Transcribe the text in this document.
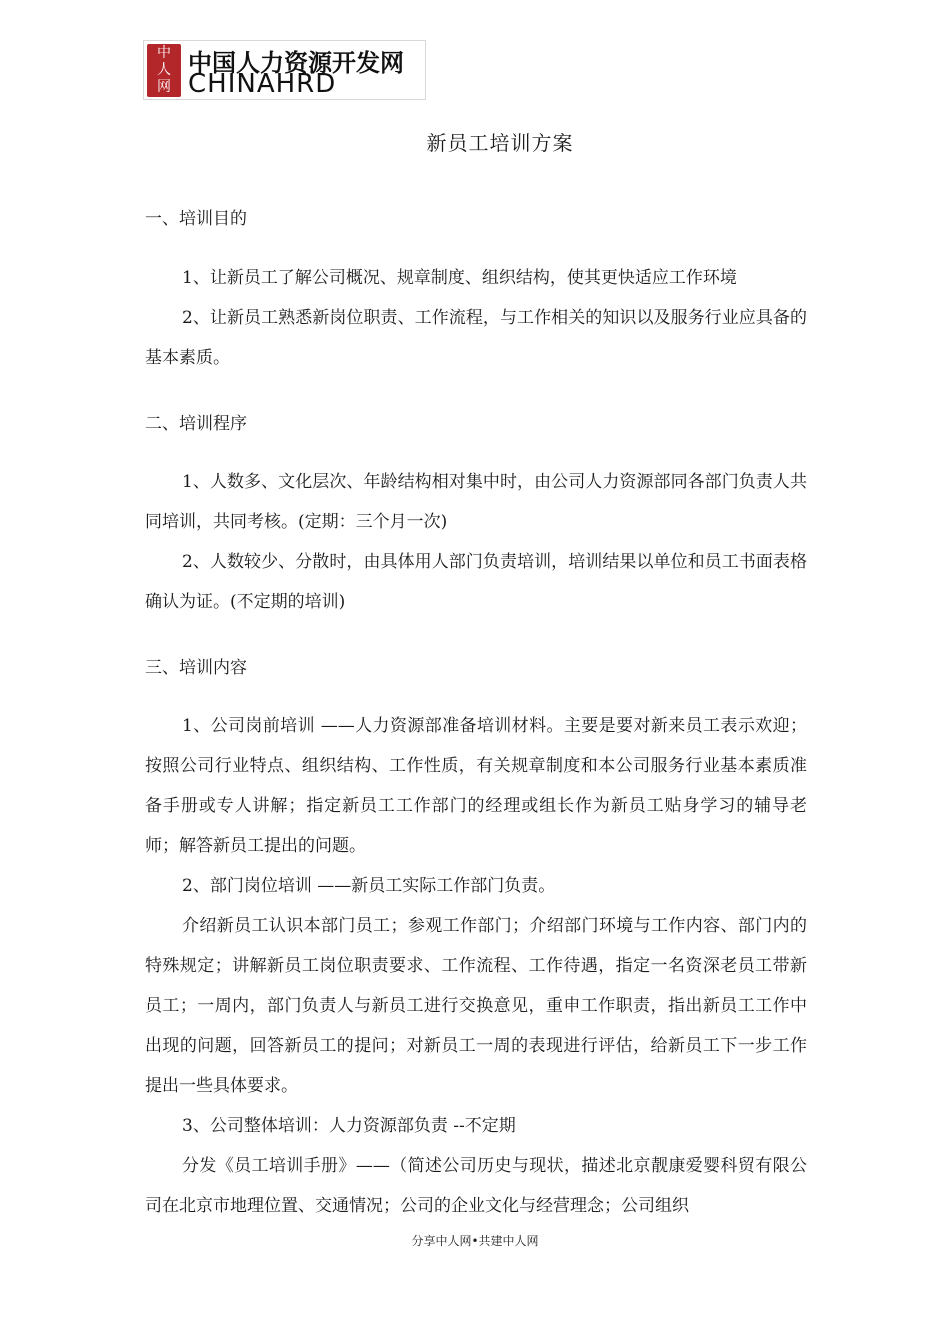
中
人
网
中国人力资源开发网
CHINAHRD
新员工培训方案
一、培训目的

1、让新员工了解公司概况、规章制度、组织结构，使其更快适应工作环境

2、让新员工熟悉新岗位职责、工作流程，与工作相关的知识以及服务行业应具备的基本素质。

二、培训程序

1、人数多、文化层次、年龄结构相对集中时，由公司人力资源部同各部门负责人共同培训，共同考核。(定期：三个月一次)

2、人数较少、分散时，由具体用人部门负责培训，培训结果以单位和员工书面表格确认为证。(不定期的培训)

三、培训内容

1、公司岗前培训 ——人力资源部准备培训材料。主要是要对新来员工表示欢迎；按照公司行业特点、组织结构、工作性质，有关规章制度和本公司服务行业基本素质准备手册或专人讲解；指定新员工工作部门的经理或组长作为新员工贴身学习的辅导老师；解答新员工提出的问题。

2、部门岗位培训 ——新员工实际工作部门负责。

介绍新员工认识本部门员工；参观工作部门；介绍部门环境与工作内容、部门内的特殊规定；讲解新员工岗位职责要求、工作流程、工作待遇，指定一名资深老员工带新员工；一周内，部门负责人与新员工进行交换意见，重申工作职责，指出新员工工作中出现的问题，回答新员工的提问；对新员工一周的表现进行评估，给新员工下一步工作提出一些具体要求。

3、公司整体培训：人力资源部负责 --不定期

分发《员工培训手册》——（简述公司历史与现状，描述北京靓康爱婴科贸有限公司在北京市地理位置、交通情况；公司的企业文化与经营理念；公司组织

分享中人网•共建中人网
